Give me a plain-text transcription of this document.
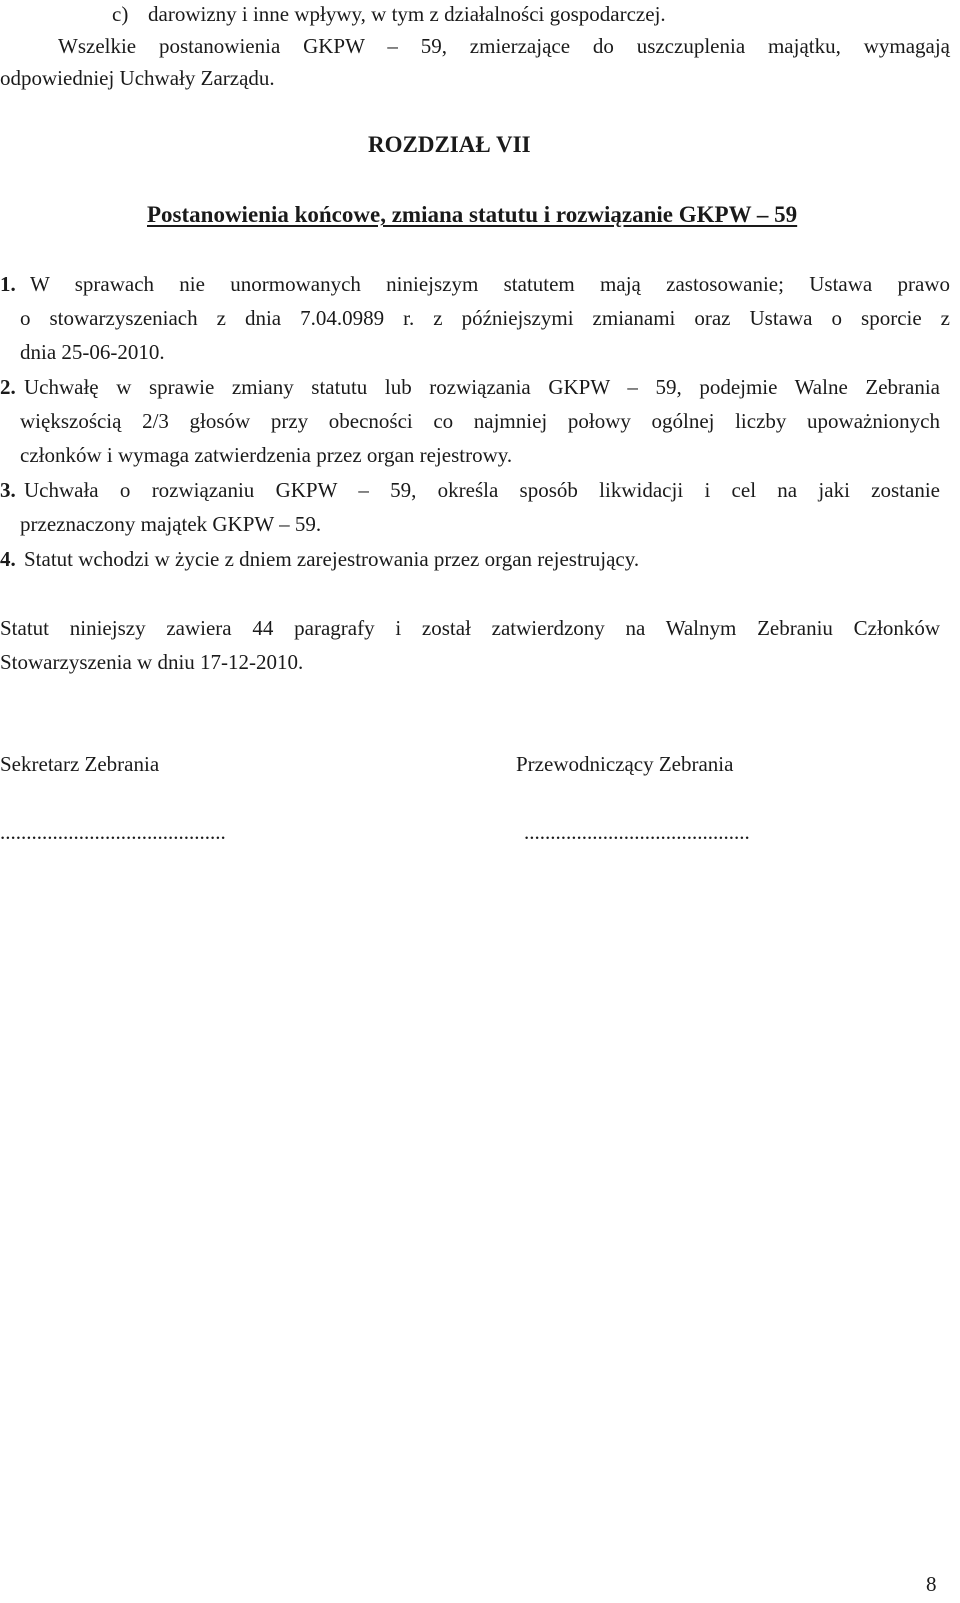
c) darowizny i inne wpływy, w tym z działalności gospodarczej.
Wszelkie postanowienia GKPW – 59, zmierzające do uszczuplenia majątku, wymagają
odpowiedniej Uchwały Zarządu.
ROZDZIAŁ VII
Postanowienia końcowe, zmiana statutu i rozwiązanie GKPW – 59
1. W sprawach nie unormowanych niniejszym statutem mają zastosowanie; Ustawa prawo
o stowarzyszeniach z dnia 7.04.0989 r. z późniejszymi zmianami oraz Ustawa o sporcie z
dnia 25-06-2010.
2. Uchwałę w sprawie zmiany statutu lub rozwiązania GKPW – 59, podejmie Walne Zebrania
większością 2/3 głosów przy obecności co najmniej połowy ogólnej liczby upoważnionych
członków i wymaga zatwierdzenia przez organ rejestrowy.
3. Uchwała o rozwiązaniu GKPW – 59, określa sposób likwidacji i cel na jaki zostanie
przeznaczony majątek GKPW – 59.
4. Statut wchodzi w życie z dniem zarejestrowania przez organ rejestrujący.
Statut niniejszy zawiera 44 paragrafy i został zatwierdzony na Walnym Zebraniu Członków
Stowarzyszenia w dniu 17-12-2010.
Sekretarz Zebrania	Przewodniczący Zebrania
...........................................	...........................................
8
